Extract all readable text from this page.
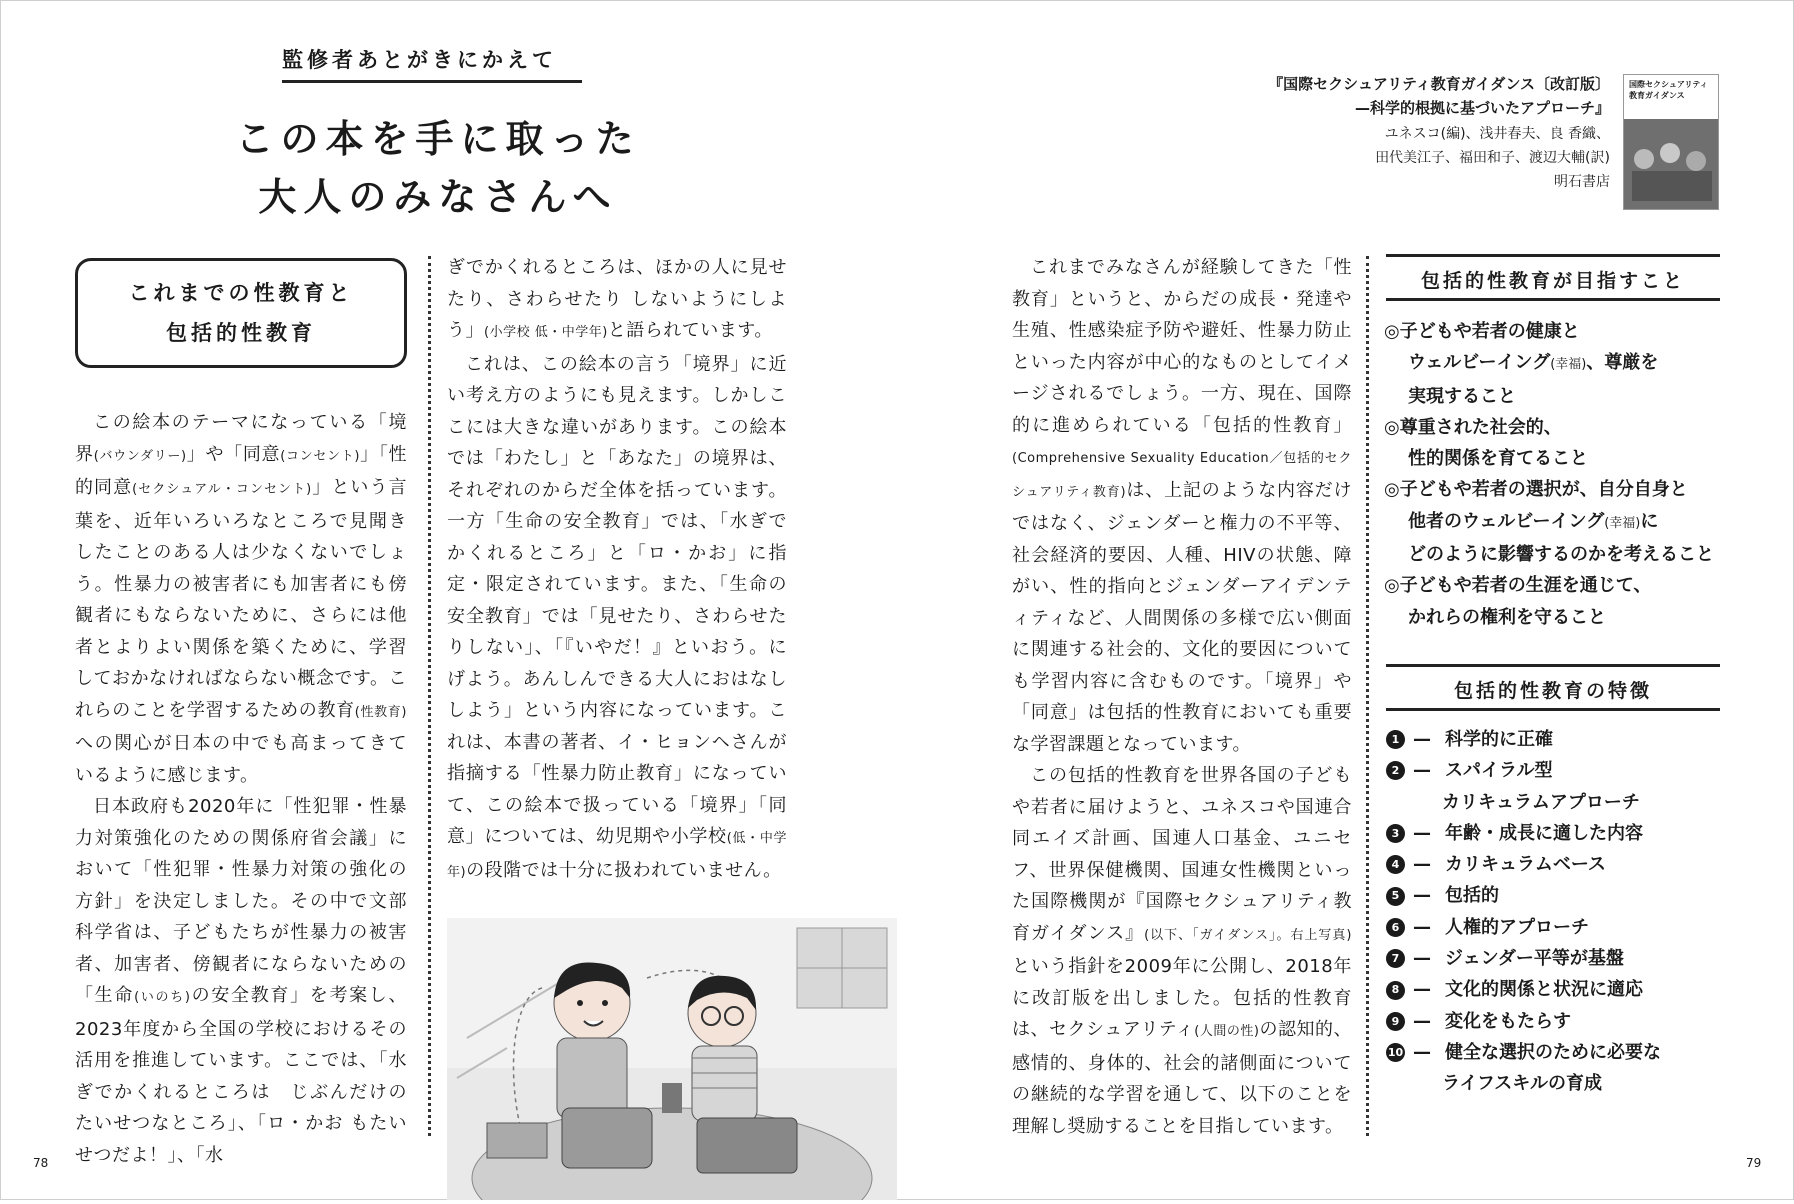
監修者あとがきにかえて
この本を手に取った
大人のみなさんへ
これまでの性教育と
包括的性教育

この絵本のテーマになっている「境界(バウンダリー)」や「同意(コンセント)」「性的同意(セクシュアル・コンセント)」という言葉を、近年いろいろなところで見聞きしたことのある人は少なくないでしょう。性暴力の被害者にも加害者にも傍観者にもならないために、さらには他者とよりよい関係を築くために、学習しておかなければならない概念です。これらのことを学習するための教育(性教育)への関心が日本の中でも高まってきているように感じます。

日本政府も2020年に「性犯罪・性暴力対策強化のための関係府省会議」において「性犯罪・性暴力対策の強化の方針」を決定しました。その中で文部科学省は、子どもたちが性暴力の被害者、加害者、傍観者にならないための「生命(いのち)の安全教育」を考案し、2023年度から全国の学校におけるその活用を推進しています。ここでは、「水ぎでかくれるところは　じぶんだけの　たいせつなところ」、「ロ・かお もたいせつだよ！」、「水

ぎでかくれるところは、ほかの人に見せたり、さわらせたり しないようにしよう」(小学校 低・中学年)と語られています。

これは、この絵本の言う「境界」に近い考え方のようにも見えます。しかしここには大きな違いがあります。この絵本では「わたし」と「あなた」の境界は、それぞれのからだ全体を括っています。一方「生命の安全教育」では、「水ぎでかくれるところ」と「ロ・かお」に指定・限定されています。また、「生命の安全教育」では「見せたり、さわらせたりしない」、「『いやだ！』といおう。にげよう。あんしんできる大人におはなししよう」という内容になっています。これは、本書の著者、イ・ヒョンヘさんが指摘する「性暴力防止教育」になっていて、この絵本で扱っている「境界」「同意」については、幼児期や小学校(低・中学年)の段階では十分に扱われていません。

78
『国際セクシュアリティ教育ガイダンス〔改訂版〕
—科学的根拠に基づいたアプローチ』
ユネスコ(編)、浅井春夫、良 香織、
田代美江子、福田和子、渡辺大輔(訳)
明石書店
国際セクシュアリティ
教育ガイダンス

これまでみなさんが経験してきた「性教育」というと、からだの成長・発達や生殖、性感染症予防や避妊、性暴力防止といった内容が中心的なものとしてイメージされるでしょう。一方、現在、国際的に進められている「包括的性教育」(Comprehensive Sexuality Education／包括的セクシュアリティ教育)は、上記のような内容だけではなく、ジェンダーと権力の不平等、社会経済的要因、人種、HIVの状態、障がい、性的指向とジェンダーアイデンティティなど、人間関係の多様で広い側面に関連する社会的、文化的要因についても学習内容に含むものです。「境界」や「同意」は包括的性教育においても重要な学習課題となっています。

この包括的性教育を世界各国の子どもや若者に届けようと、ユネスコや国連合同エイズ計画、国連人口基金、ユニセフ、世界保健機関、国連女性機関といった国際機関が『国際セクシュアリティ教育ガイダンス』(以下、「ガイダンス」。右上写真)という指針を2009年に公開し、2018年に改訂版を出しました。包括的性教育は、セクシュアリティ(人間の性)の認知的、感情的、身体的、社会的諸側面についての継続的な学習を通して、以下のことを理解し奨励することを目指しています。

包括的性教育が目指すこと
◎子どもや若者の健康と
ウェルビーイング(幸福)、尊厳を
実現すること
◎尊重された社会的、
性的関係を育てること
◎子どもや若者の選択が、自分自身と
他者のウェルビーイング(幸福)に
どのように影響するのかを考えること
◎子どもや若者の生涯を通じて、
かれらの権利を守ること
包括的性教育の特徴
1 — 科学的に正確
2 — スパイラル型
カリキュラムアプローチ
3 — 年齢・成長に適した内容
4 — カリキュラムベース
5 — 包括的
6 — 人権的アプローチ
7 — ジェンダー平等が基盤
8 — 文化的関係と状況に適応
9 — 変化をもたらす
10 — 健全な選択のために必要な
ライフスキルの育成
79
